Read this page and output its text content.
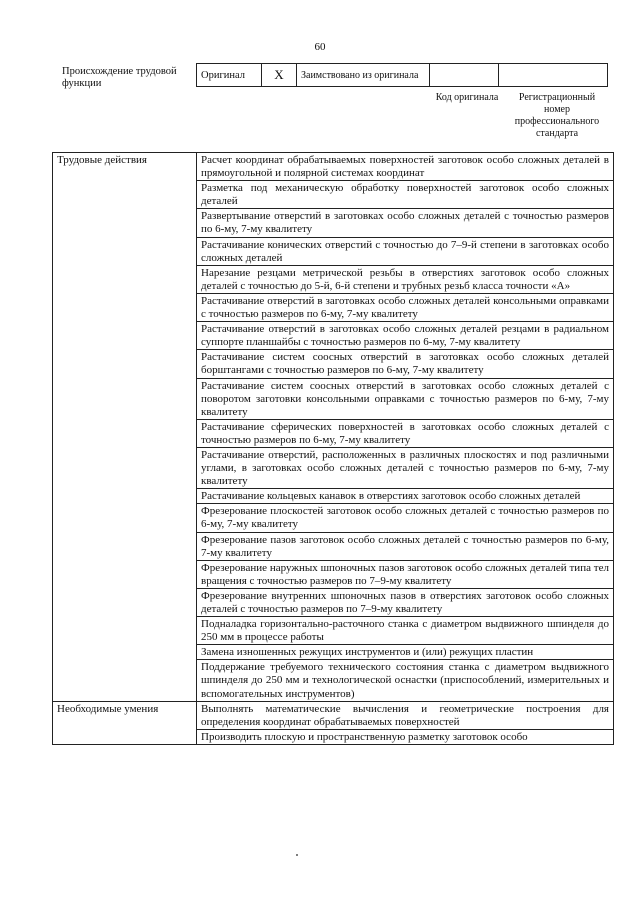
60
Происхождение трудовой функции
Оригинал	X	Заимствовано из оригинала		
Код оригинала	Регистрационный номер профессионального стандарта
Трудовые действия	Расчет координат обрабатываемых поверхностей заготовок особо сложных деталей в прямоугольной и полярной системах координат
	Разметка под механическую обработку поверхностей заготовок особо сложных деталей
	Развертывание отверстий в заготовках особо сложных деталей с точностью размеров по 6-му, 7-му квалитету
	Растачивание конических отверстий с точностью до 7–9-й степени в заготовках особо сложных деталей
	Нарезание резцами метрической резьбы в отверстиях заготовок особо сложных деталей с точностью до 5-й, 6-й степени и трубных резьб класса точности «А»
	Растачивание отверстий в заготовках особо сложных деталей консольными оправками с точностью размеров по 6-му, 7-му квалитету
	Растачивание отверстий в заготовках особо сложных деталей резцами в радиальном суппорте планшайбы с точностью размеров по 6-му, 7-му квалитету
	Растачивание систем соосных отверстий в заготовках особо сложных деталей борштангами с точностью размеров по 6-му, 7-му квалитету
	Растачивание систем соосных отверстий в заготовках особо сложных деталей с поворотом заготовки консольными оправками с точностью размеров по 6-му, 7-му квалитету
	Растачивание сферических поверхностей в заготовках особо сложных деталей с точностью размеров по 6-му, 7-му квалитету
	Растачивание отверстий, расположенных в различных плоскостях и под различными углами, в заготовках особо сложных деталей с точностью размеров по 6-му, 7-му квалитету
	Растачивание кольцевых канавок в отверстиях заготовок особо сложных деталей
	Фрезерование плоскостей заготовок особо сложных деталей с точностью размеров по 6-му, 7-му квалитету
	Фрезерование пазов заготовок особо сложных деталей с точностью размеров по 6-му, 7-му квалитету
	Фрезерование наружных шпоночных пазов заготовок особо сложных деталей типа тел вращения с точностью размеров по 7–9-му квалитету
	Фрезерование внутренних шпоночных пазов в отверстиях заготовок особо сложных деталей с точностью размеров по 7–9-му квалитету
	Подналадка горизонтально-расточного станка с диаметром выдвижного шпинделя до 250 мм в процессе работы
	Замена изношенных режущих инструментов и (или) режущих пластин
	Поддержание требуемого технического состояния станка с диаметром выдвижного шпинделя до 250 мм и технологической оснастки (приспособлений, измерительных и вспомогательных инструментов)
Необходимые умения	Выполнять математические вычисления и геометрические построения для определения координат обрабатываемых поверхностей
	Производить плоскую и пространственную разметку заготовок особо
